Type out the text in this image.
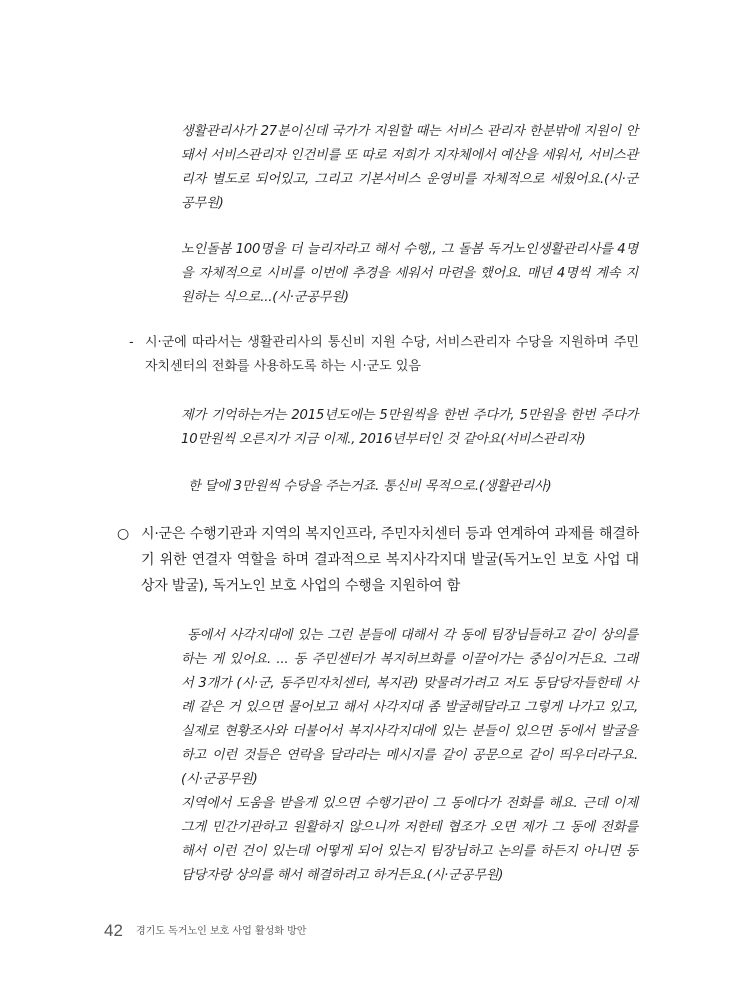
생활관리사가 27분이신데 국가가 지원할 때는 서비스 관리자 한분밖에 지원이 안돼서 서비스관리자 인건비를 또 따로 저희가 지자체에서 예산을 세워서, 서비스관리자 별도로 되어있고, 그리고 기본서비스 운영비를 자체적으로 세웠어요.(시·군공무원)

노인돌봄 100명을 더 늘리자라고 해서 수행,, 그 돌봄 독거노인생활관리사를 4명을 자체적으로 시비를 이번에 추경을 세워서 마련을 했어요. 매년 4명씩 계속 지원하는 식으로...(시·군공무원)

- 시·군에 따라서는 생활관리사의 통신비 지원 수당, 서비스관리자 수당을 지원하며 주민자치센터의 전화를 사용하도록 하는 시·군도 있음

제가 기억하는거는 2015년도에는 5만원씩을 한번 주다가, 5만원을 한번 주다가 10만원씩 오른지가 지금 이제., 2016년부터인 것 같아요(서비스관리자)

한 달에 3만원씩 수당을 주는거죠. 통신비 목적으로.(생활관리사)

○ 시·군은 수행기관과 지역의 복지인프라, 주민자치센터 등과 연계하여 과제를 해결하기 위한 연결자 역할을 하며 결과적으로 복지사각지대 발굴(독거노인 보호 사업 대상자 발굴), 독거노인 보호 사업의 수행을 지원하여 함

동에서 사각지대에 있는 그런 분들에 대해서 각 동에 팀장님들하고 같이 상의를 하는 게 있어요. ... 동 주민센터가 복지허브화를 이끌어가는 중심이거든요. 그래서 3개가 (시·군, 동주민자치센터, 복지관) 맞물려가려고 저도 동담당자들한테 사례 같은 거 있으면 물어보고 해서 사각지대 좀 발굴해달라고 그렇게 나가고 있고, 실제로 현황조사와 더불어서 복지사각지대에 있는 분들이 있으면 동에서 발굴을 하고 이런 것들은 연락을 달라라는 메시지를 같이 공문으로 같이 띄우더라구요.(시·군공무원)

지역에서 도움을 받을게 있으면 수행기관이 그 동에다가 전화를 해요. 근데 이제 그게 민간기관하고 원활하지 않으니까 저한테 협조가 오면 제가 그 동에 전화를 해서 이런 건이 있는데 어떻게 되어 있는지 팀장님하고 논의를 하든지 아니면 동담당자랑 상의를 해서 해결하려고 하거든요.(시·군공무원)

42 경기도 독거노인 보호 사업 활성화 방안
